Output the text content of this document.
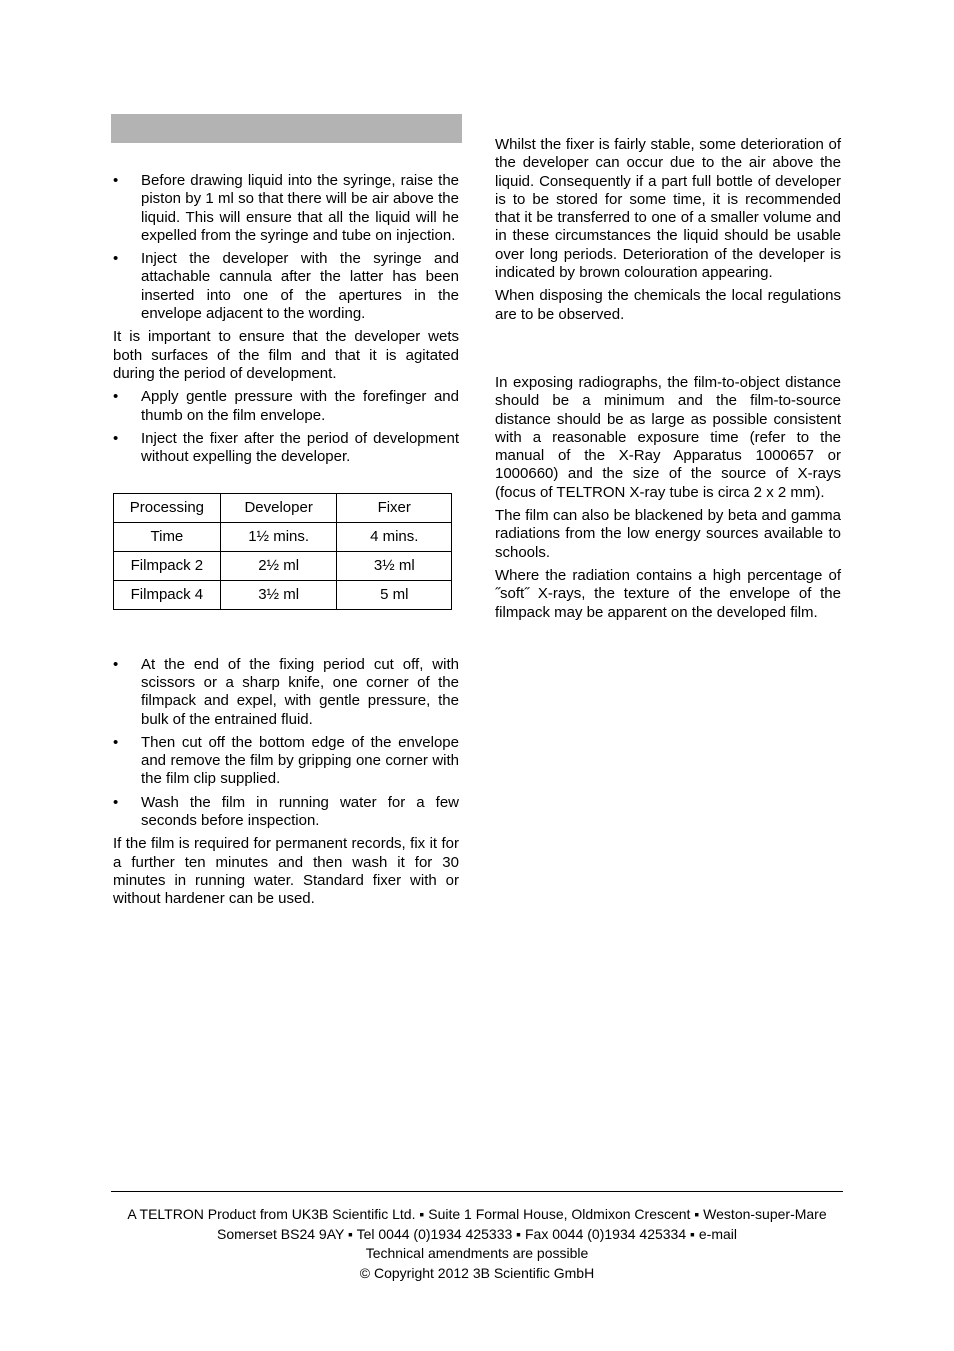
• Before drawing liquid into the syringe, raise the piston by 1 ml so that there will be air above the liquid. This will ensure that all the liquid will he expelled from the syringe and tube on injection.
• Inject the developer with the syringe and attachable cannula after the latter has been inserted into one of the apertures in the envelope adjacent to the wording.

It is important to ensure that the developer wets both surfaces of the film and that it is agitated during the period of development.

• Apply gentle pressure with the forefinger and thumb on the film envelope.
• Inject the fixer after the period of development without expelling the developer.
Processing	Developer	Fixer
Time	1½ mins.	4 mins.
Filmpack 2	2½ ml	3½ ml
Filmpack 4	3½ ml	5 ml
• At the end of the fixing period cut off, with scissors or a sharp knife, one corner of the filmpack and expel, with gentle pressure, the bulk of the entrained fluid.
• Then cut off the bottom edge of the envelope and remove the film by gripping one corner with the film clip supplied.
• Wash the film in running water for a few seconds before inspection.

If the film is required for permanent records, fix it for a further ten minutes and then wash it for 30 minutes in running water. Standard fixer with or without hardener can be used.

Whilst the fixer is fairly stable, some deterioration of the developer can occur due to the air above the liquid. Consequently if a part full bottle of developer is to be stored for some time, it is recommended that it be transferred to one of a smaller volume and in these circumstances the liquid should be usable over long periods. Deterioration of the developer is indicated by brown colouration appearing.

When disposing the chemicals the local regulations are to be observed.

In exposing radiographs, the film-to-object distance should be a minimum and the film-to-source distance should be as large as possible consistent with a reasonable exposure time (refer to the manual of the X-Ray Apparatus 1000657 or 1000660) and the size of the source of X-rays (focus of TELTRON X-ray tube is circa 2 x 2 mm).

The film can also be blackened by beta and gamma radiations from the low energy sources available to schools.

Where the radiation contains a high percentage of ˝soft˝ X-rays, the texture of the envelope of the filmpack may be apparent on the developed film.

A TELTRON Product from UK3B Scientific Ltd. ▪ Suite 1 Formal House, Oldmixon Crescent ▪ Weston-super-Mare
Somerset BS24 9AY ▪ Tel 0044 (0)1934 425333 ▪ Fax 0044 (0)1934 425334 ▪ e-mail
Technical amendments are possible
© Copyright 2012 3B Scientific GmbH
